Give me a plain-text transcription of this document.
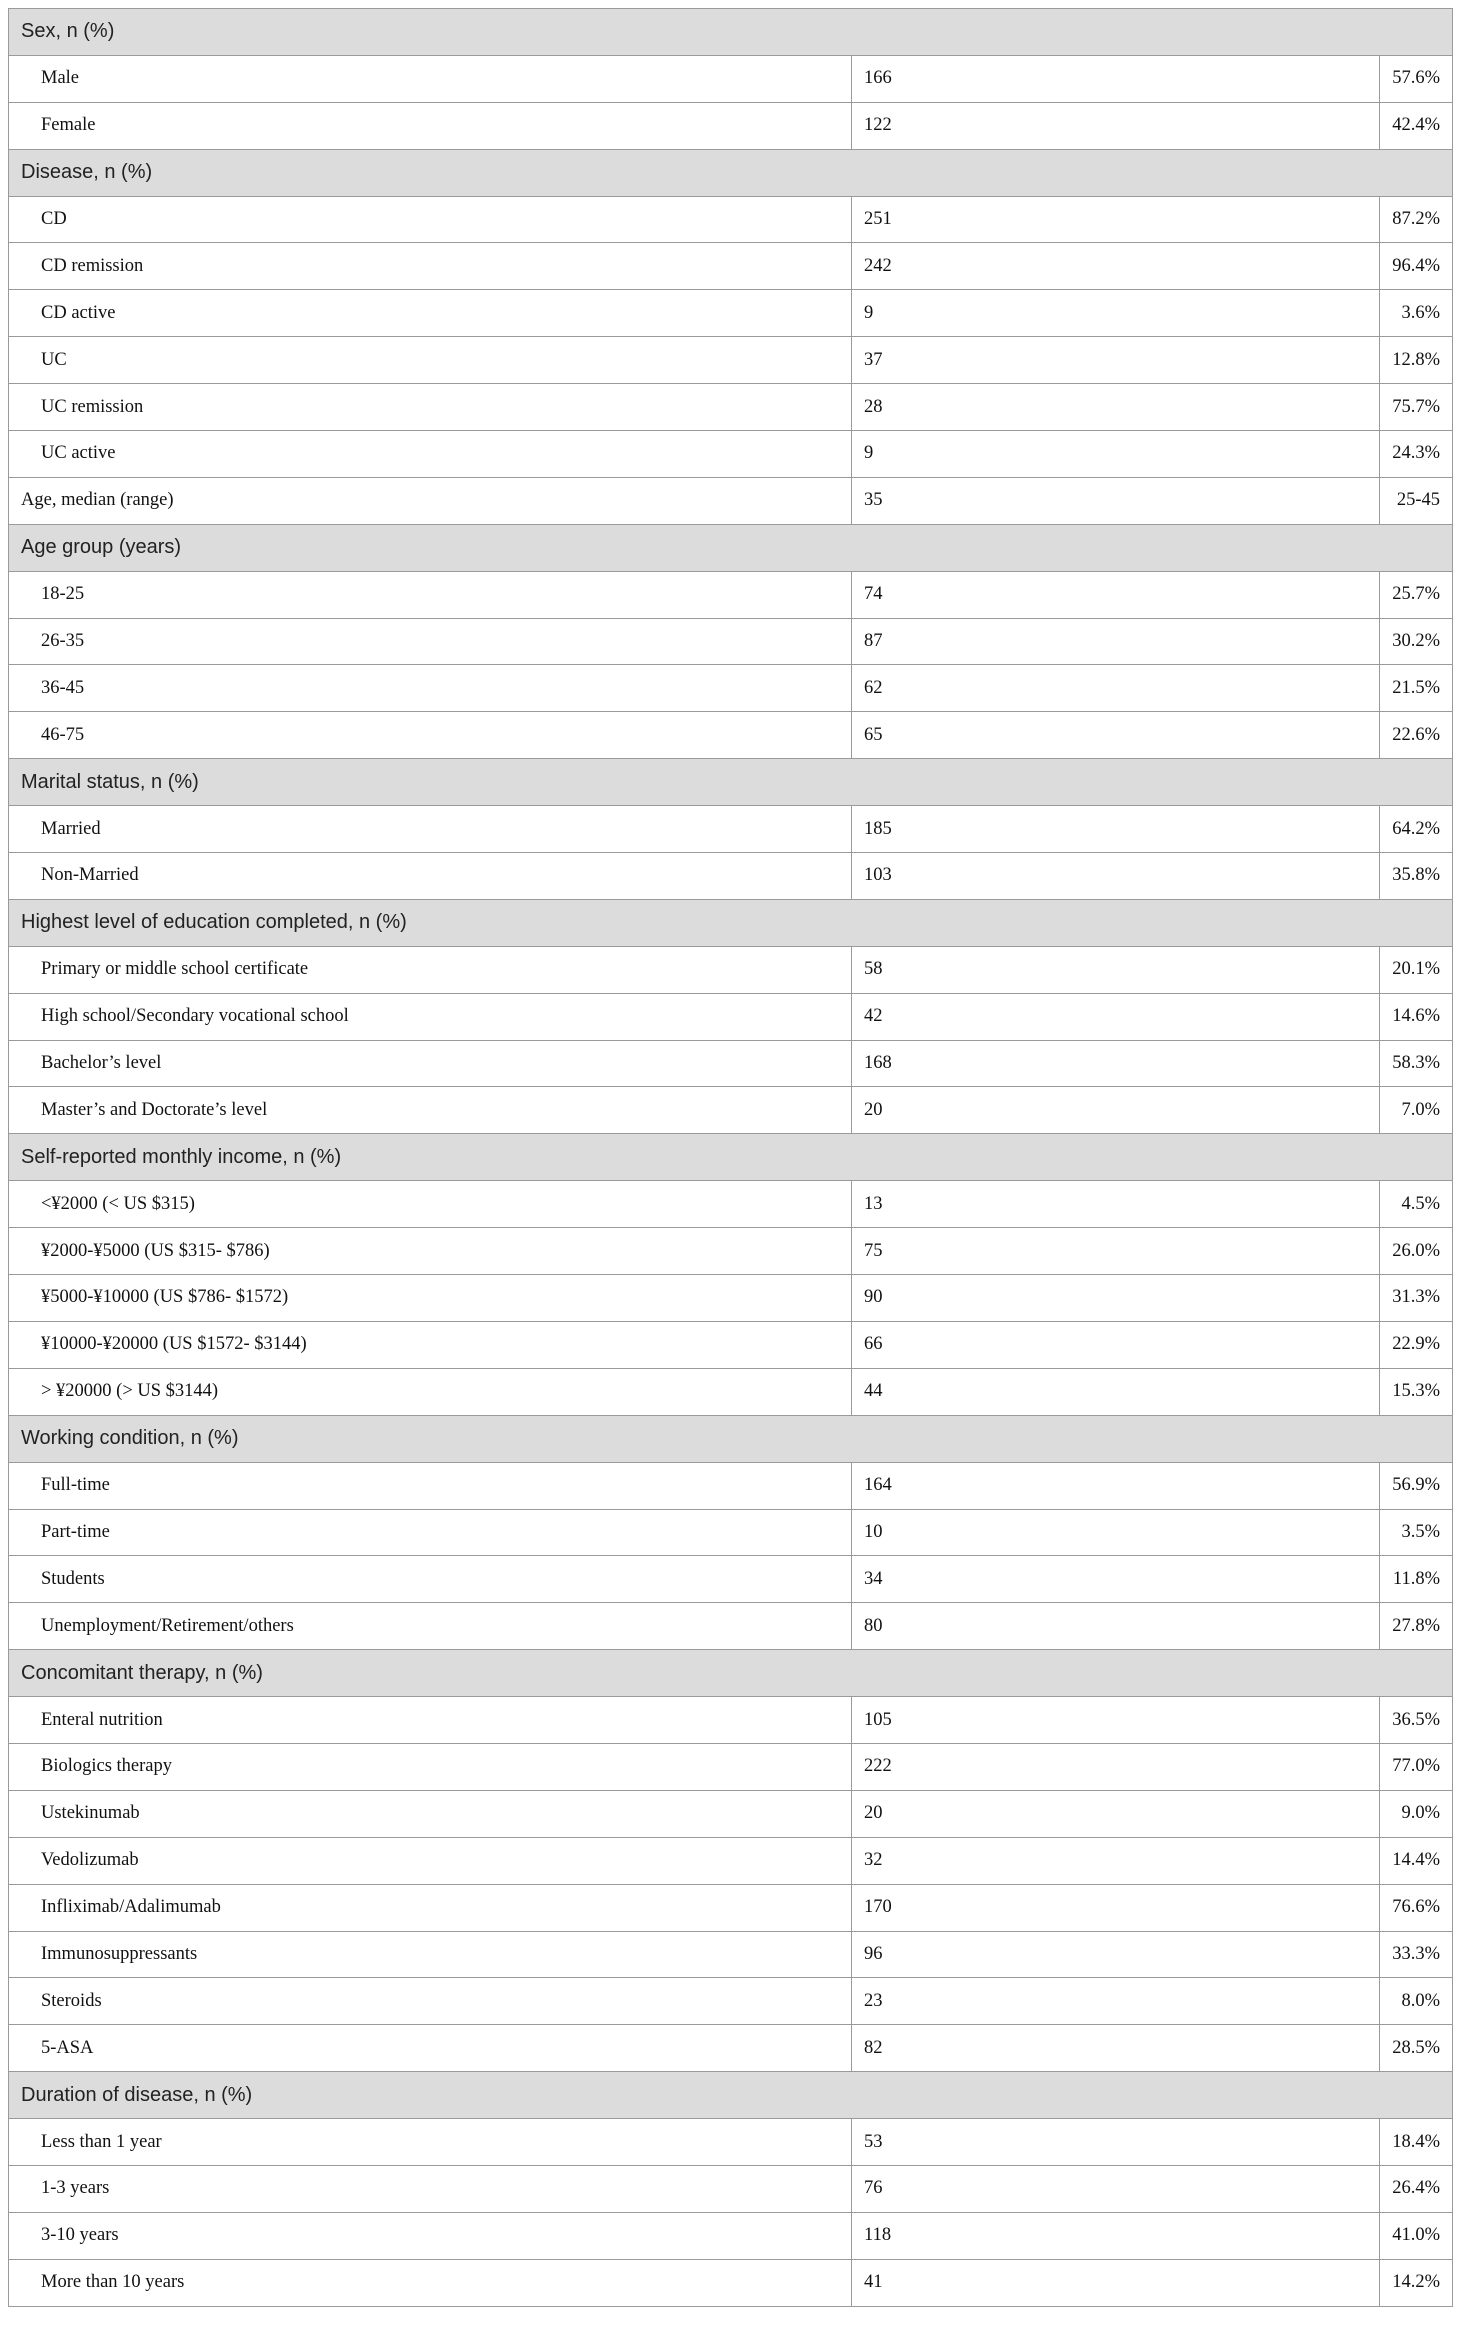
Sex, n (%)		
Male	166	57.6%
Female	122	42.4%
Disease, n (%)		
CD	251	87.2%
CD remission	242	96.4%
CD active	9	3.6%
UC	37	12.8%
UC remission	28	75.7%
UC active	9	24.3%
Age, median (range)	35	25-45
Age group (years)		
18-25	74	25.7%
26-35	87	30.2%
36-45	62	21.5%
46-75	65	22.6%
Marital status, n (%)		
Married	185	64.2%
Non-Married	103	35.8%
Highest level of education completed, n (%)		
Primary or middle school certificate	58	20.1%
High school/Secondary vocational school	42	14.6%
Bachelor’s level	168	58.3%
Master’s and Doctorate’s level	20	7.0%
Self-reported monthly income, n (%)		
<¥2000 (< US $315)	13	4.5%
¥2000-¥5000 (US $315- $786)	75	26.0%
¥5000-¥10000 (US $786- $1572)	90	31.3%
¥10000-¥20000 (US $1572- $3144)	66	22.9%
> ¥20000 (> US $3144)	44	15.3%
Working condition, n (%)		
Full-time	164	56.9%
Part-time	10	3.5%
Students	34	11.8%
Unemployment/Retirement/others	80	27.8%
Concomitant therapy, n (%)		
Enteral nutrition	105	36.5%
Biologics therapy	222	77.0%
Ustekinumab	20	9.0%
Vedolizumab	32	14.4%
Infliximab/Adalimumab	170	76.6%
Immunosuppressants	96	33.3%
Steroids	23	8.0%
5-ASA	82	28.5%
Duration of disease, n (%)		
Less than 1 year	53	18.4%
1-3 years	76	26.4%
3-10 years	118	41.0%
More than 10 years	41	14.2%
